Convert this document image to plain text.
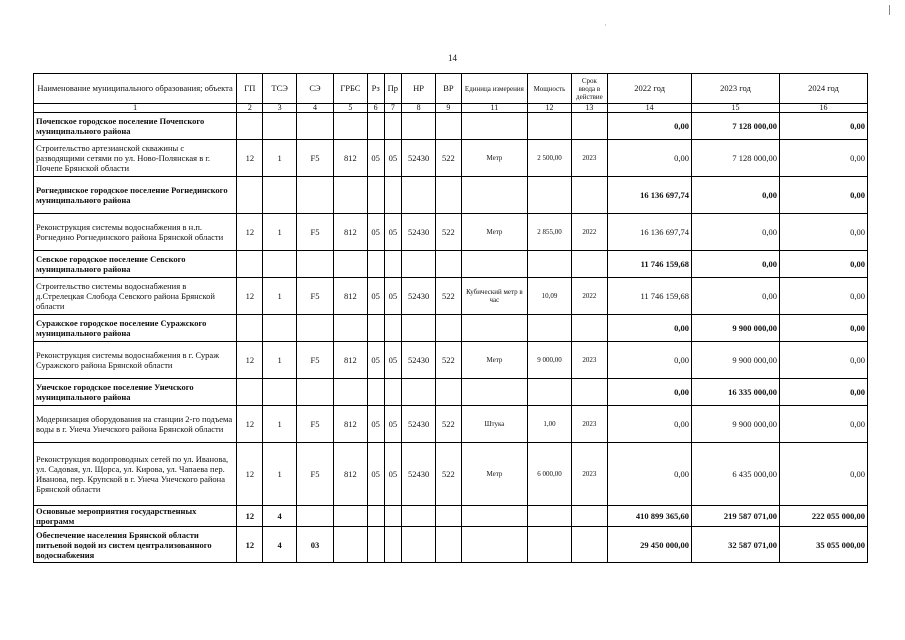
·
14
Наименование муниципального образования; объекта	ГП	ТСЭ	СЭ	ГРБС	Рз	Пр	НР	ВР	Единица измерения	Мощность	Срок ввода в действие	2022 год	2023 год	2024 год
1	2	3	4	5	6	7	8	9	11	12	13	14	15	16
Почепское городское поселение Почепского муниципального района												0,00	7 128 000,00	0,00
Строительство артезианской скважины с разводящими сетями по ул. Ново-Полянская в г. Почепе Брянской области	12	1	F5	812	05	05	52430	522	Метр	2 500,00	2023	0,00	7 128 000,00	0,00
Рогнединское городское поселение Рогнединского муниципального района												16 136 697,74	0,00	0,00
Реконструкция системы водоснабжения в н.п. Рогнедино Рогнединского района Брянской области	12	1	F5	812	05	05	52430	522	Метр	2 855,00	2022	16 136 697,74	0,00	0,00
Севское городское поселение Севского муниципального района												11 746 159,68	0,00	0,00
Строительство системы водоснабжения в д.Стрелецкая Слобода Севского района Брянской области	12	1	F5	812	05	05	52430	522	Кубический метр в час	10,09	2022	11 746 159,68	0,00	0,00
Суражское городское поселение Суражского муниципального района												0,00	9 900 000,00	0,00
Реконструкция системы водоснабжения в г. Сураж Суражского района Брянской области	12	1	F5	812	05	05	52430	522	Метр	9 000,00	2023	0,00	9 900 000,00	0,00
Унечское городское поселение Унечского муниципального района												0,00	16 335 000,00	0,00
Модернизация оборудования на станции 2-го подъема воды в г. Унеча Унечского района Брянской области	12	1	F5	812	05	05	52430	522	Штука	1,00	2023	0,00	9 900 000,00	0,00
Реконструкция водопроводных сетей по ул. Иванова, ул. Садовая, ул. Щорса, ул. Кирова, ул. Чапаева пер. Иванова, пер. Крупской в г. Унеча Унечского района Брянской области	12	1	F5	812	05	05	52430	522	Метр	6 000,00	2023	0,00	6 435 000,00	0,00
Основные мероприятия государственных программ	12	4										410 899 365,60	219 587 071,00	222 055 000,00
Обеспечение населения Брянской области питьевой водой из систем централизованного водоснабжения	12	4	03									29 450 000,00	32 587 071,00	35 055 000,00
